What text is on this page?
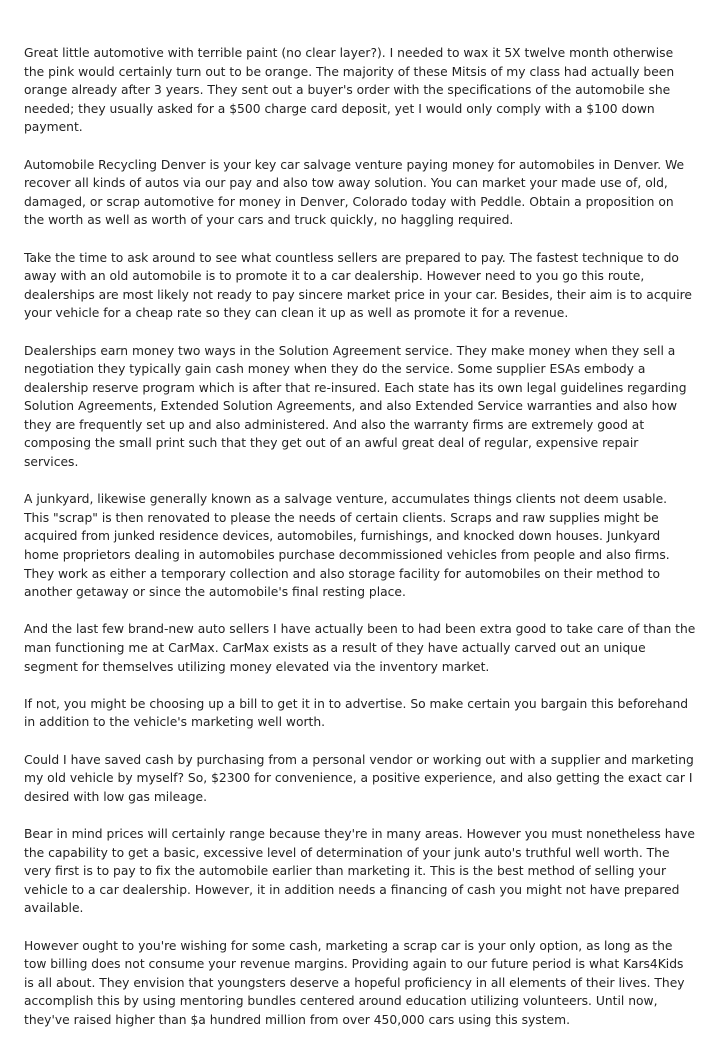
Great little automotive with terrible paint (no clear layer?). I needed to wax it 5X twelve month otherwise the pink would certainly turn out to be orange. The majority of these Mitsis of my class had actually been orange already after 3 years. They sent out a buyer's order with the specifications of the automobile she needed; they usually asked for a $500 charge card deposit, yet I would only comply with a $100 down payment.

Automobile Recycling Denver is your key car salvage venture paying money for automobiles in Denver. We recover all kinds of autos via our pay and also tow away solution. You can market your made use of, old, damaged, or scrap automotive for money in Denver, Colorado today with Peddle. Obtain a proposition on the worth as well as worth of your cars and truck quickly, no haggling required.

Take the time to ask around to see what countless sellers are prepared to pay. The fastest technique to do away with an old automobile is to promote it to a car dealership. However need to you go this route, dealerships are most likely not ready to pay sincere market price in your car. Besides, their aim is to acquire your vehicle for a cheap rate so they can clean it up as well as promote it for a revenue.

Dealerships earn money two ways in the Solution Agreement service. They make money when they sell a negotiation they typically gain cash money when they do the service. Some supplier ESAs embody a dealership reserve program which is after that re-insured. Each state has its own legal guidelines regarding Solution Agreements, Extended Solution Agreements, and also Extended Service warranties and also how they are frequently set up and also administered. And also the warranty firms are extremely good at composing the small print such that they get out of an awful great deal of regular, expensive repair services.

A junkyard, likewise generally known as a salvage venture, accumulates things clients not deem usable. This "scrap" is then renovated to please the needs of certain clients. Scraps and raw supplies might be acquired from junked residence devices, automobiles, furnishings, and knocked down houses. Junkyard home proprietors dealing in automobiles purchase decommissioned vehicles from people and also firms. They work as either a temporary collection and also storage facility for automobiles on their method to another getaway or since the automobile's final resting place.

And the last few brand-new auto sellers I have actually been to had been extra good to take care of than the man functioning me at CarMax. CarMax exists as a result of they have actually carved out an unique segment for themselves utilizing money elevated via the inventory market.

If not, you might be choosing up a bill to get it in to advertise. So make certain you bargain this beforehand in addition to the vehicle's marketing well worth.

Could I have saved cash by purchasing from a personal vendor or working out with a supplier and marketing my old vehicle by myself? So, $2300 for convenience, a positive experience, and also getting the exact car I desired with low gas mileage.

Bear in mind prices will certainly range because they're in many areas. However you must nonetheless have the capability to get a basic, excessive level of determination of your junk auto's truthful well worth. The very first is to pay to fix the automobile earlier than marketing it. This is the best method of selling your vehicle to a car dealership. However, it in addition needs a financing of cash you might not have prepared available.

However ought to you're wishing for some cash, marketing a scrap car is your only option, as long as the tow billing does not consume your revenue margins. Providing again to our future period is what Kars4Kids is all about. They envision that youngsters deserve a hopeful proficiency in all elements of their lives. They accomplish this by using mentoring bundles centered around education utilizing volunteers. Until now, they've raised higher than $a hundred million from over 450,000 cars using this system.
